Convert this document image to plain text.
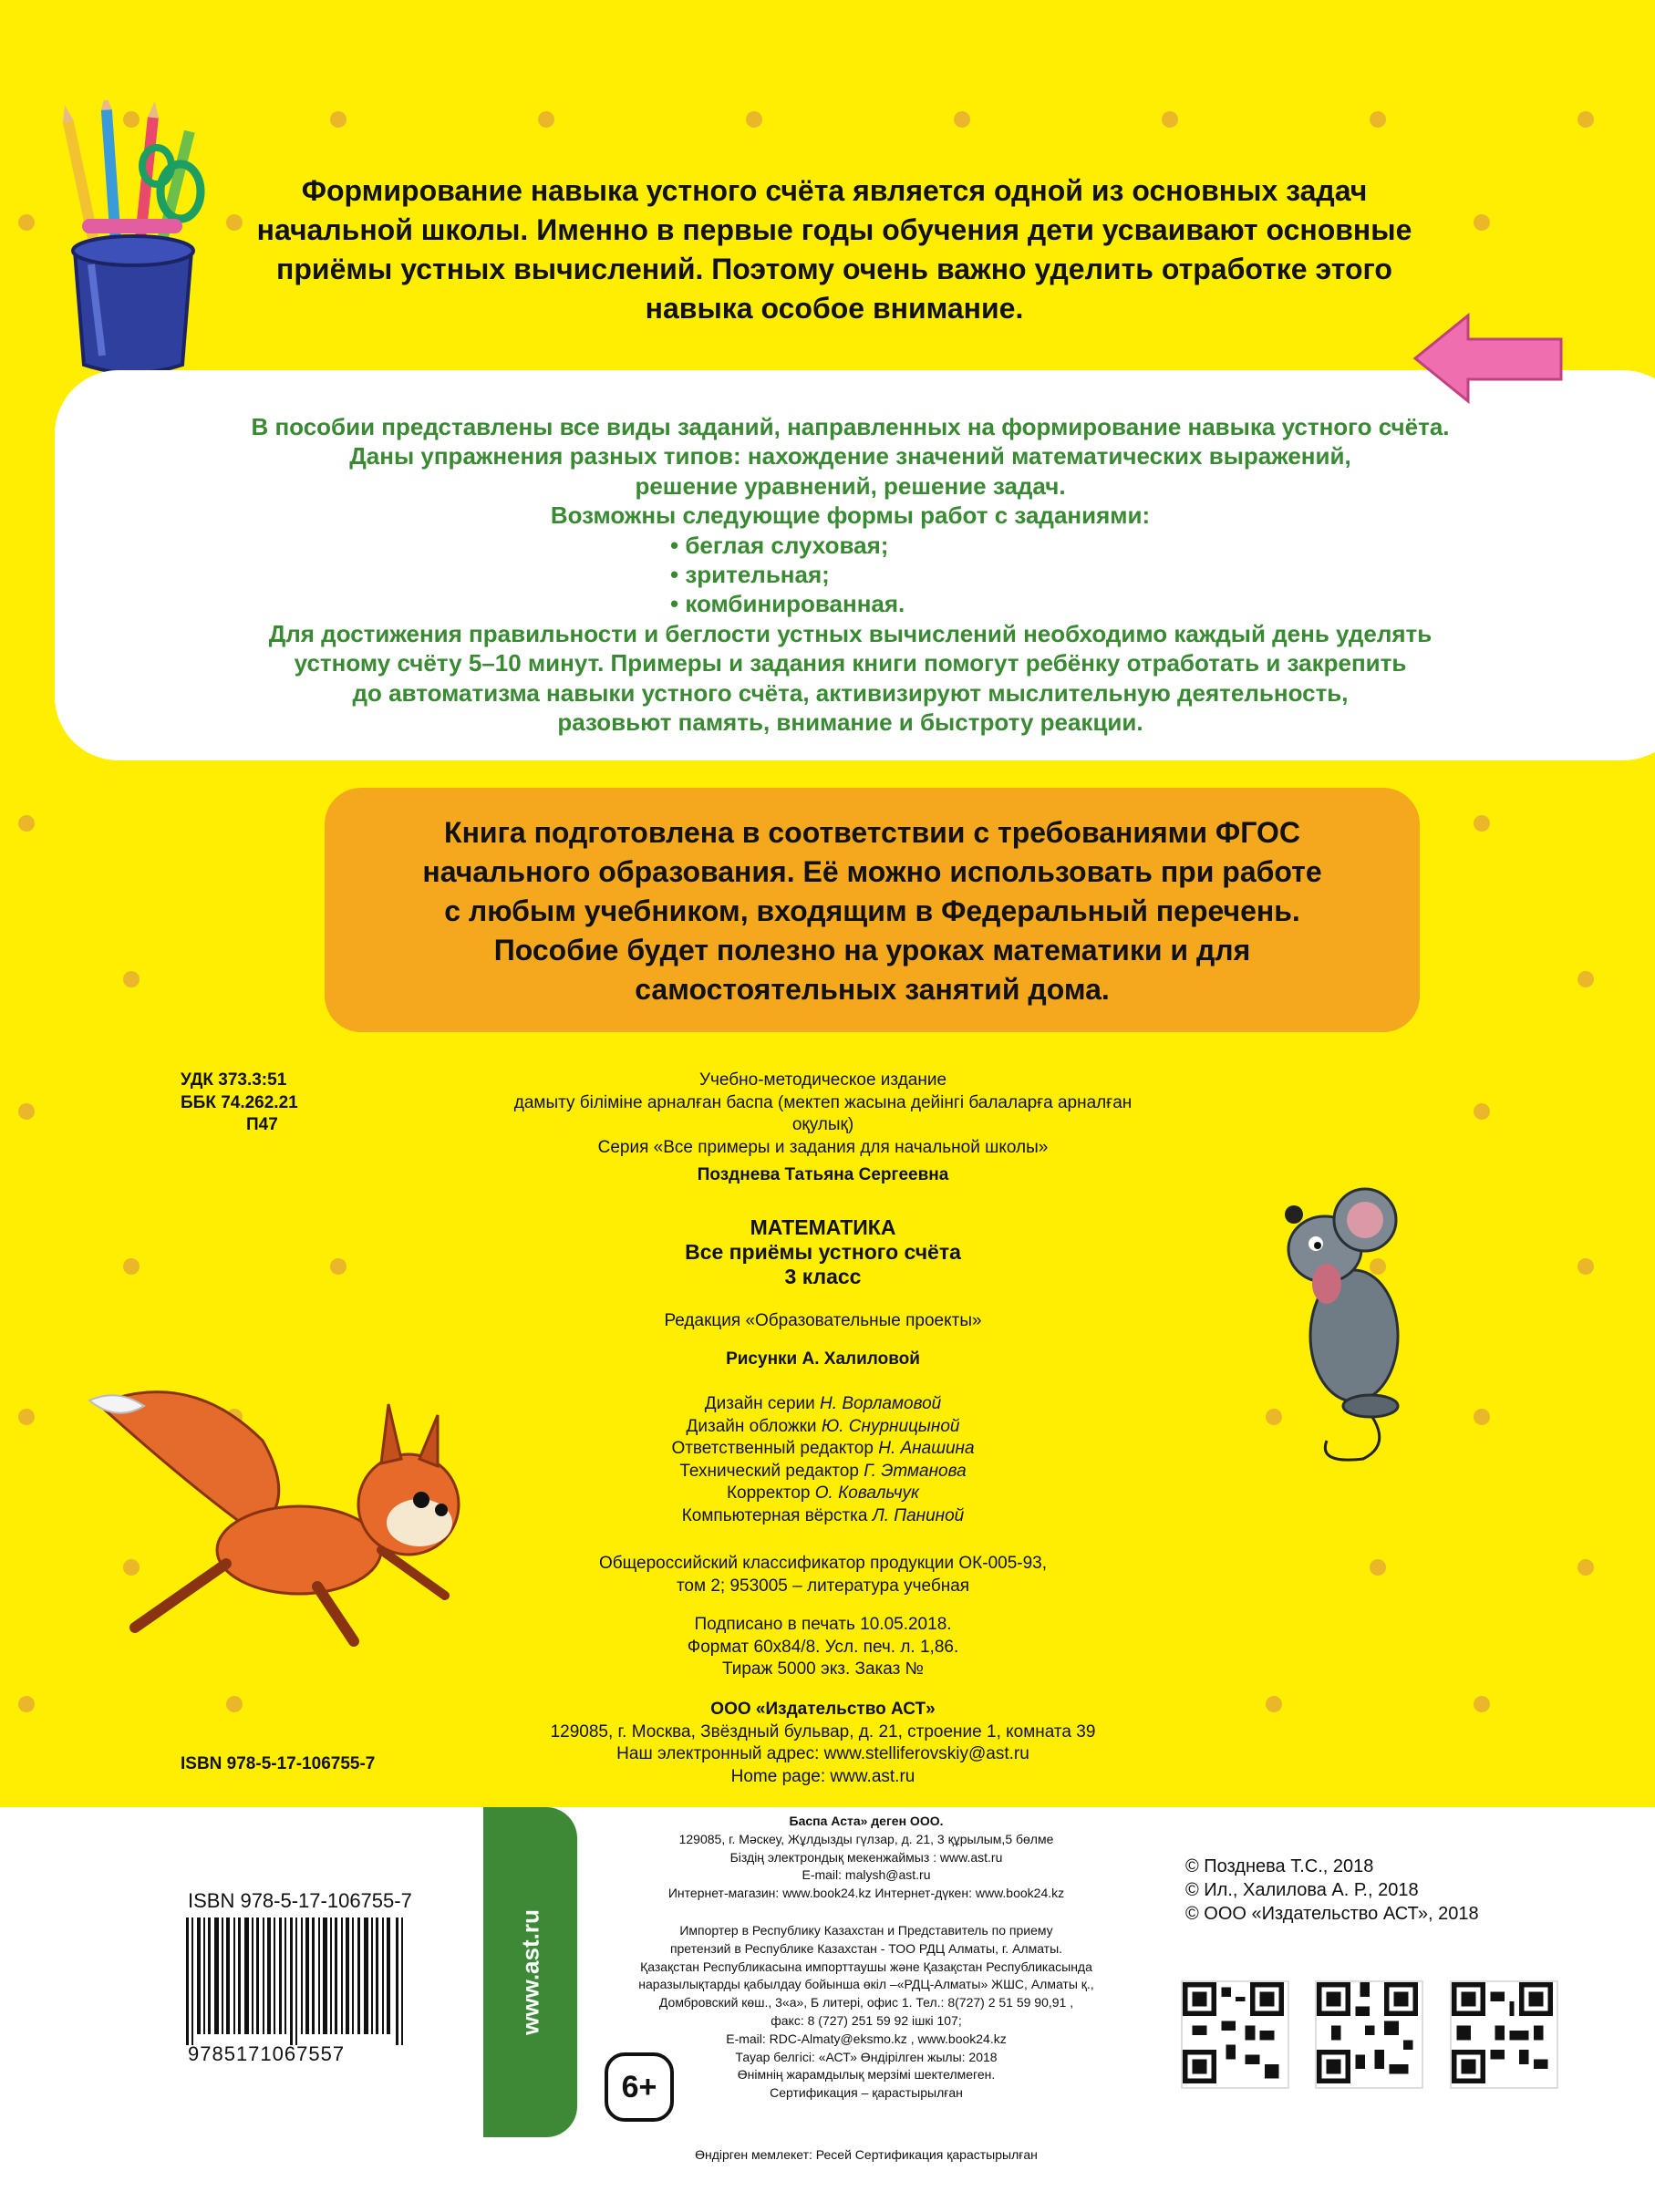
Формирование навыка устного счёта является одной из основных задач
начальной школы. Именно в первые годы обучения дети усваивают основные
приёмы устных вычислений. Поэтому очень важно уделить отработке этого
навыка особое внимание.
В пособии представлены все виды заданий, направленных на формирование навыка устного счёта.
Даны упражнения разных типов: нахождение значений математических выражений,
решение уравнений, решение задач.
Возможны следующие формы работ с заданиями:
• беглая слуховая;
• зрительная;
• комбинированная.
Для достижения правильности и беглости устных вычислений необходимо каждый день уделять
устному счёту 5–10 минут. Примеры и задания книги помогут ребёнку отработать и закрепить
до автоматизма навыки устного счёта, активизируют мыслительную деятельность,
разовьют память, внимание и быстроту реакции.
Книга подготовлена в соответствии с требованиями ФГОС
начального образования. Её можно использовать при работе
с любым учебником, входящим в Федеральный перечень.
Пособие будет полезно на уроках математики и для
самостоятельных занятий дома.
УДК 373.3:51
ББК 74.262.21
П47
Учебно-методическое издание
дамыту біліміне арналған баспа (мектеп жасына дейінгі балаларға арналған оқулық)
Серия «Все примеры и задания для начальной школы»
Позднева Татьяна Сергеевна
МАТЕМАТИКА
Все приёмы устного счёта
3 класс
Редакция «Образовательные проекты»
Рисунки А. Халиловой
Дизайн серии Н. Ворламовой
Дизайн обложки Ю. Снурницыной
Ответственный редактор Н. Анашина
Технический редактор Г. Этманова
Корректор О. Ковальчук
Компьютерная вёрстка Л. Паниной
Общероссийский классификатор продукции ОК-005-93,
том 2; 953005 – литература учебная
Подписано в печать 10.05.2018.
Формат 60х84/8. Усл. печ. л. 1,86.
Тираж 5000 экз. Заказ №
ООО «Издательство АСТ»
129085, г. Москва, Звёздный бульвар, д. 21, строение 1, комната 39
Наш электронный адрес: www.stelliferovskiy@ast.ru
Home page: www.ast.ru
ISBN 978-5-17-106755-7
www.ast.ru
ISBN 978-5-17-106755-7
9785171067557
6+
Баспа Аста» деген ООО.
129085, г. Мәскеу, Жұлдызды гүлзар, д. 21, 3 құрылым,5 бөлме
Біздің электрондық мекенжаймыз : www.ast.ru
E-mail: malysh@ast.ru
Интернет-магазин: www.book24.kz Интернет-дүкен: www.book24.kz
Импортер в Республику Казахстан и Представитель по приему
претензий в Республике Казахстан - ТОО РДЦ Алматы, г. Алматы.
Қазақстан Республикасына импорттаушы және Қазақстан Республикасында
наразылықтарды қабылдау бойынша өкіл –«РДЦ-Алматы» ЖШС, Алматы қ.,
Домбровский көш., 3«а», Б литері, офис 1. Тел.: 8(727) 2 51 59 90,91 ,
факс: 8 (727) 251 59 92 ішкі 107;
E-mail: RDC-Almaty@eksmo.kz , www.book24.kz
Тауар белгісі: «АСТ» Өндірілген жылы: 2018
Өнімнің жарамдылық мерзімі шектелмеген.
Сертификация – қарастырылған
Өндірген мемлекет: Ресей Сертификация қарастырылған
© Позднева Т.С., 2018
© Ил., Халилова А. Р., 2018
© ООО «Издательство АСТ», 2018
